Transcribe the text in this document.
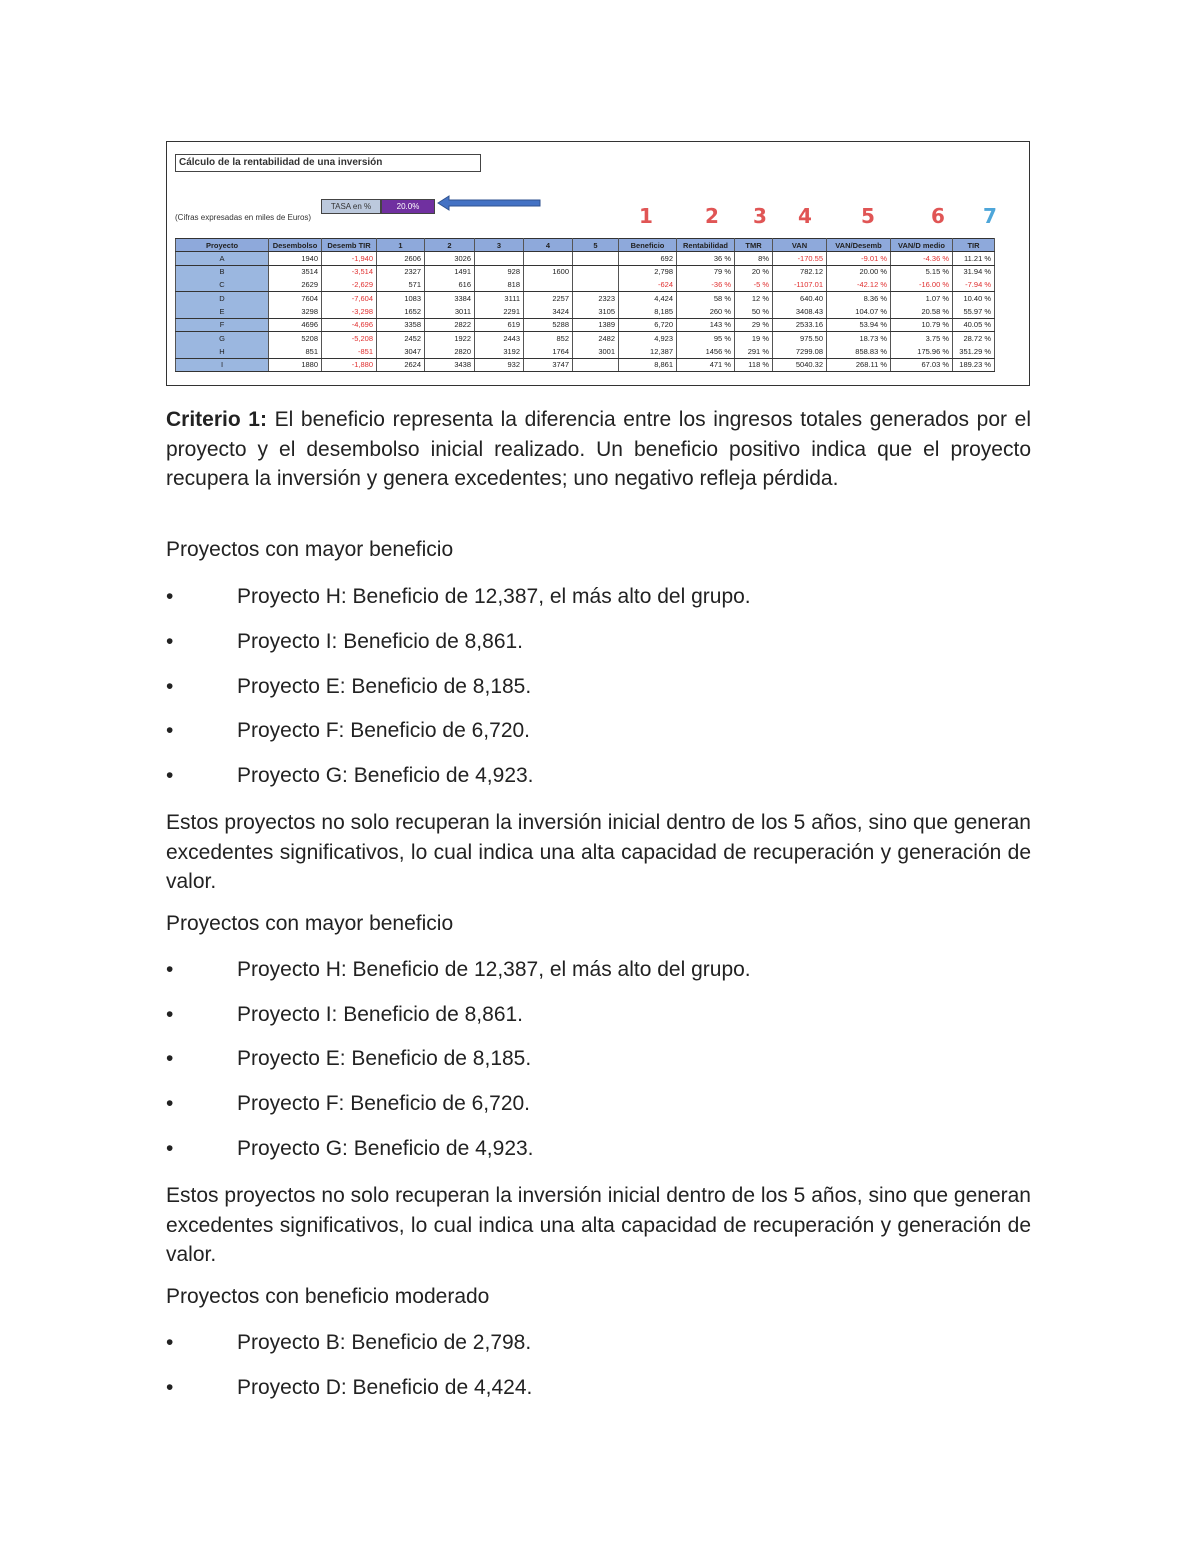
Cálculo de la rentabilidad de una inversión
TASA en %	20.0%
(Cifras expresadas en miles de Euros)	1	2 3 4 5	6 7
Proyecto	Desembolso	Desemb TIR	1	2	3	4	5	Beneficio	Rentabilidad	TMR	VAN	VAN/Desemb	VAN/D medio	TIR
A	1940	-1,940	2606	3026				692	36 %	8%	-170.55	-9.01 %	-4.36 %	11.21 %
B	3514	-3,514	2327	1491	928	1600		2,798	79 %	20 %	782.12	20.00 %	5.15 %	31.94 %
C	2629	-2,629	571	616	818			-624	-36 %	-5 %	-1107.01	-42.12 %	-16.00 %	-7.94 %
D	7604	-7,604	1083	3384	3111	2257	2323	4,424	58 %	12 %	640.40	8.36 %	1.07 %	10.40 %
E	3298	-3,298	1652	3011	2291	3424	3105	8,185	260 %	50 %	3408.43	104.07 %	20.58 %	55.97 %
F	4696	-4,696	3358	2822	619	5288	1389	6,720	143 %	29 %	2533.16	53.94 %	10.79 %	40.05 %
G	5208	-5,208	2452	1922	2443	852	2482	4,923	95 %	19 %	975.50	18.73 %	3.75 %	28.72 %
H	851	-851	3047	2820	3192	1764	3001	12,387	1456 %	291 %	7299.08	858.83 %	175.96 %	351.29 %
I	1880	-1,880	2624	3438	932	3747		8,861	471 %	118 %	5040.32	268.11 %	67.03 %	189.23 %

Criterio 1: El beneficio representa la diferencia entre los ingresos totales generados por el proyecto y el desembolso inicial realizado. Un beneficio positivo indica que el proyecto recupera la inversión y genera excedentes; uno negativo refleja pérdida.

Proyectos con mayor beneficio

•	Proyecto H: Beneficio de 12,387, el más alto del grupo.
•	Proyecto I: Beneficio de 8,861.
•	Proyecto E: Beneficio de 8,185.
•	Proyecto F: Beneficio de 6,720.
•	Proyecto G: Beneficio de 4,923.

Estos proyectos no solo recuperan la inversión inicial dentro de los 5 años, sino que generan excedentes significativos, lo cual indica una alta capacidad de recuperación y generación de valor.

Proyectos con mayor beneficio

•	Proyecto H: Beneficio de 12,387, el más alto del grupo.
•	Proyecto I: Beneficio de 8,861.
•	Proyecto E: Beneficio de 8,185.
•	Proyecto F: Beneficio de 6,720.
•	Proyecto G: Beneficio de 4,923.

Estos proyectos no solo recuperan la inversión inicial dentro de los 5 años, sino que generan excedentes significativos, lo cual indica una alta capacidad de recuperación y generación de valor.

Proyectos con beneficio moderado

•	Proyecto B: Beneficio de 2,798.
•	Proyecto D: Beneficio de 4,424.
